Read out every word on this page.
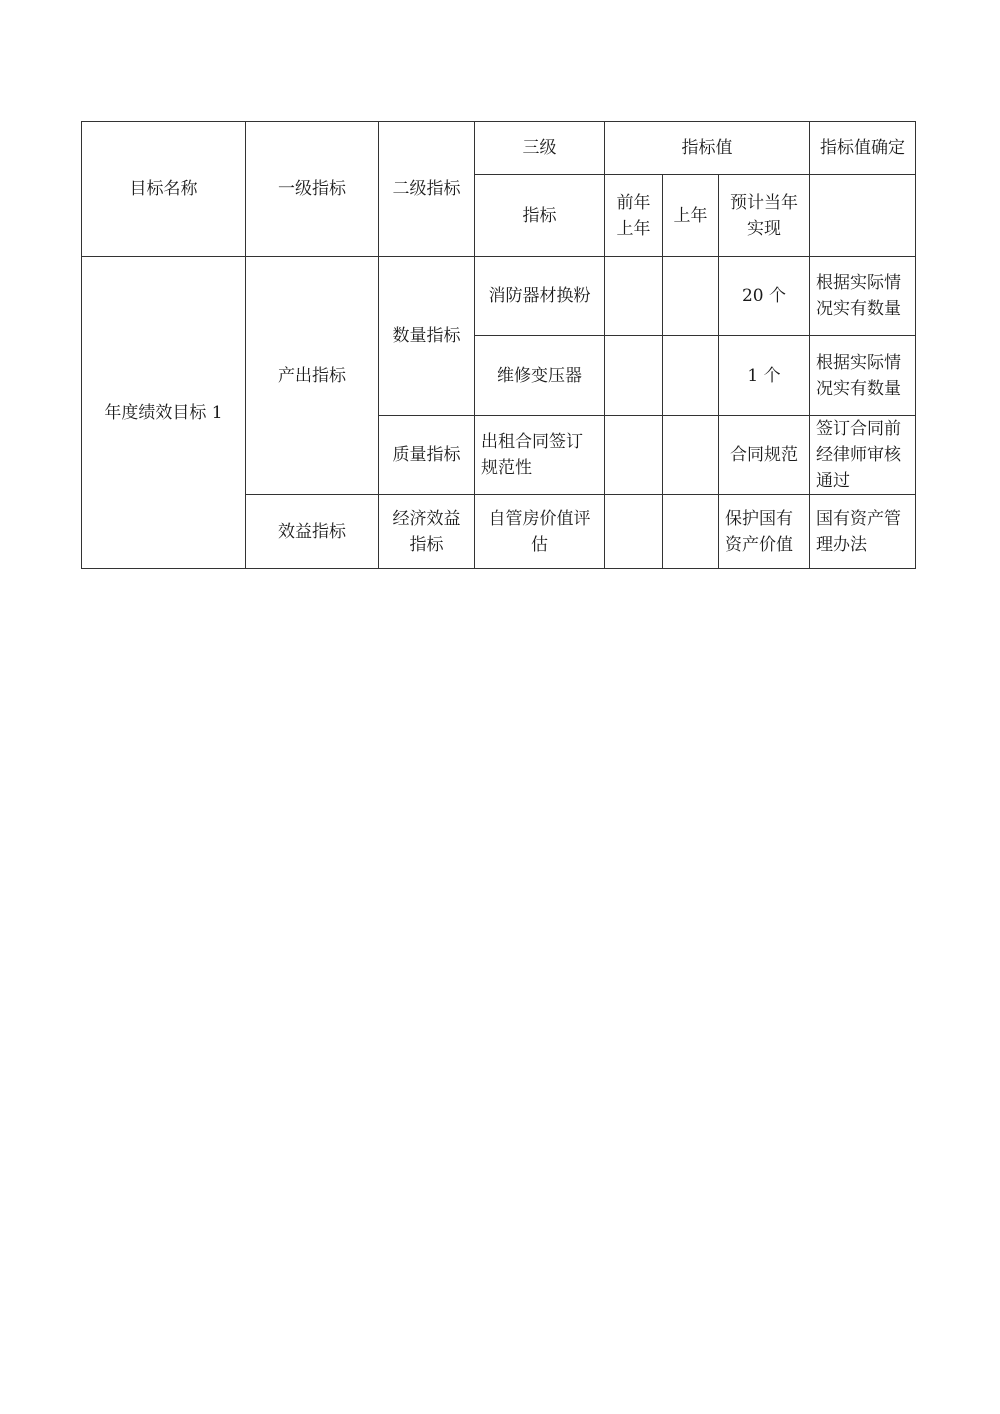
目标名称	一级指标	二级指标	三级	指标值			指标值确定
			指标	前年上年	上年	预计当年实现	
年度绩效目标 1	产出指标	数量指标	消防器材换粉			20 个	根据实际情况实有数量
			维修变压器			1 个	根据实际情况实有数量
		质量指标	出租合同签订规范性			合同规范	签订合同前经律师审核通过
	效益指标	经济效益指标	自管房价值评估			保护国有资产价值	国有资产管理办法
